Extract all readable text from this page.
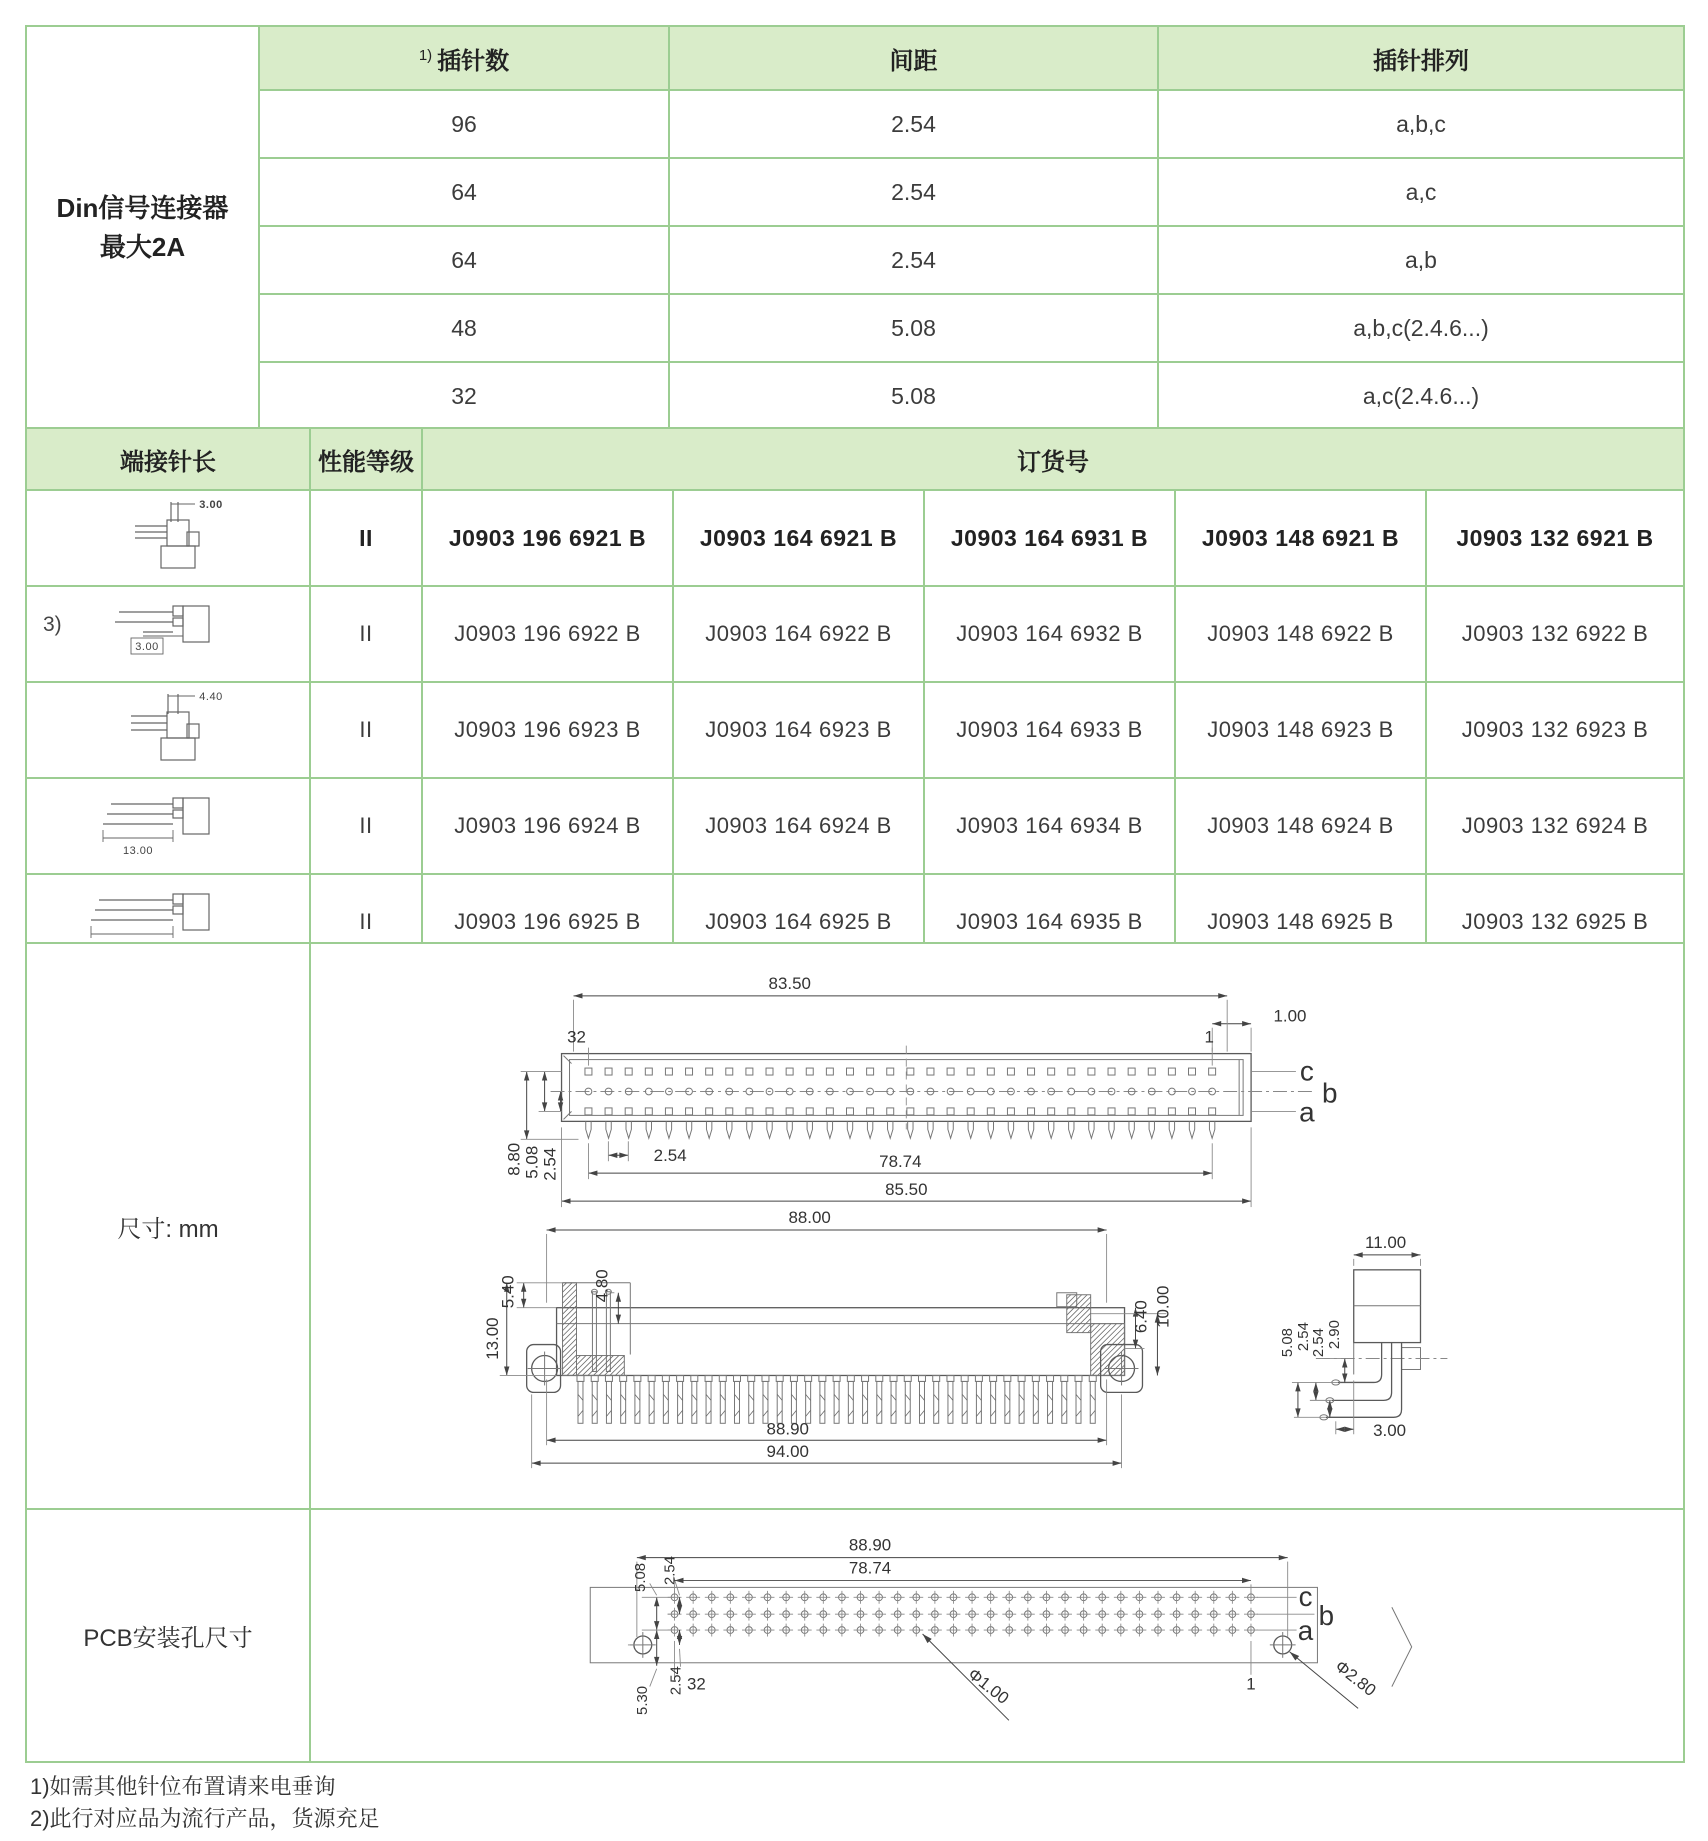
Din信号连接器
最大2A	$^{1)}$ 插针数	间距	插针排列
	96	2.54	a,b,c
	64	2.54	a,c
	64	2.54	a,b
	48	5.08	a,b,c(2.4.6...)
	32	5.08	a,c(2.4.6...)
端接针长	性能等级	订货号				

3.00	II	J0903 196 6921 B	J0903 164 6921 B	J0903 164 6931 B	J0903 148 6921 B	J0903 132 6921 B

3)
3.00	II	J0903 196 6922 B	J0903 164 6922 B	J0903 164 6932 B	J0903 148 6922 B	J0903 132 6922 B

4.40	II	J0903 196 6923 B	J0903 164 6923 B	J0903 164 6933 B	J0903 148 6923 B	J0903 132 6923 B

13.00	II	J0903 196 6924 B	J0903 164 6924 B	J0903 164 6934 B	J0903 148 6924 B	J0903 132 6924 B

	II	J0903 196 6925 B	J0903 164 6925 B	J0903 164 6935 B	J0903 148 6925 B	J0903 132 6925 B
尺寸: mm	
83.50
1.00
32	1
c
b
a
8.80
5.08
2.54	2.54	78.74
85.50
88.00
5.40	4.80
13.00
6.40 10.00
88.90
94.00
11.00
5.08
2.54
2.54
2.90
3.00

PCB安装孔尺寸	
88.90
78.74
5.08 2.54
2.54
5.30
32	1
c
b
a
Φ1.00	Φ2.80
1)如需其他针位布置请来电垂询
2)此行对应品为流行产品，货源充足
